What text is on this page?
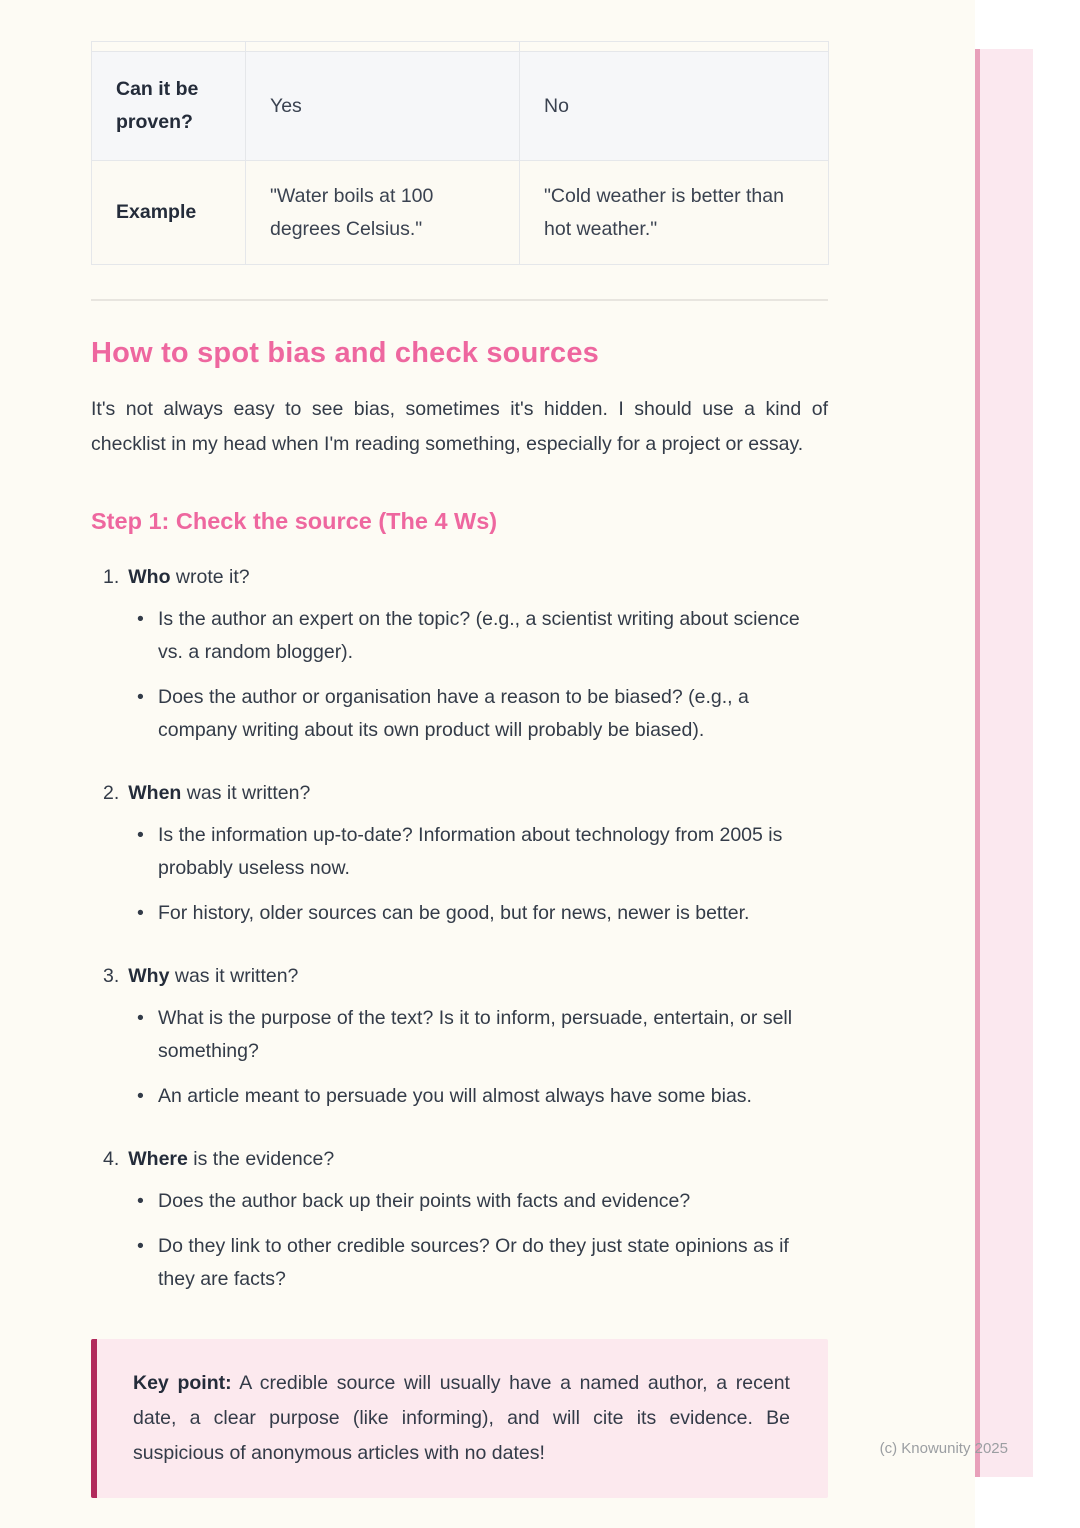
Can it be proven?	Yes	No
Example	"Water boils at 100 degrees Celsius."	"Cold weather is better than hot weather."
How to spot bias and check sources

It's not always easy to see bias, sometimes it's hidden. I should use a kind of checklist in my head when I'm reading something, especially for a project or essay.

Step 1: Check the source (The 4 Ws)
1. Who wrote it?
• Is the author an expert on the topic? (e.g., a scientist writing about science vs. a random blogger).
• Does the author or organisation have a reason to be biased? (e.g., a company writing about its own product will probably be biased).
2. When was it written?
• Is the information up-to-date? Information about technology from 2005 is probably useless now.
• For history, older sources can be good, but for news, newer is better.
3. Why was it written?
• What is the purpose of the text? Is it to inform, persuade, entertain, or sell something?
• An article meant to persuade you will almost always have some bias.
4. Where is the evidence?
• Does the author back up their points with facts and evidence?
• Do they link to other credible sources? Or do they just state opinions as if they are facts?
Key point: A credible source will usually have a named author, a recent date, a clear purpose (like informing), and will cite its evidence. Be suspicious of anonymous articles with no dates!	(c) Knowunity 2025
